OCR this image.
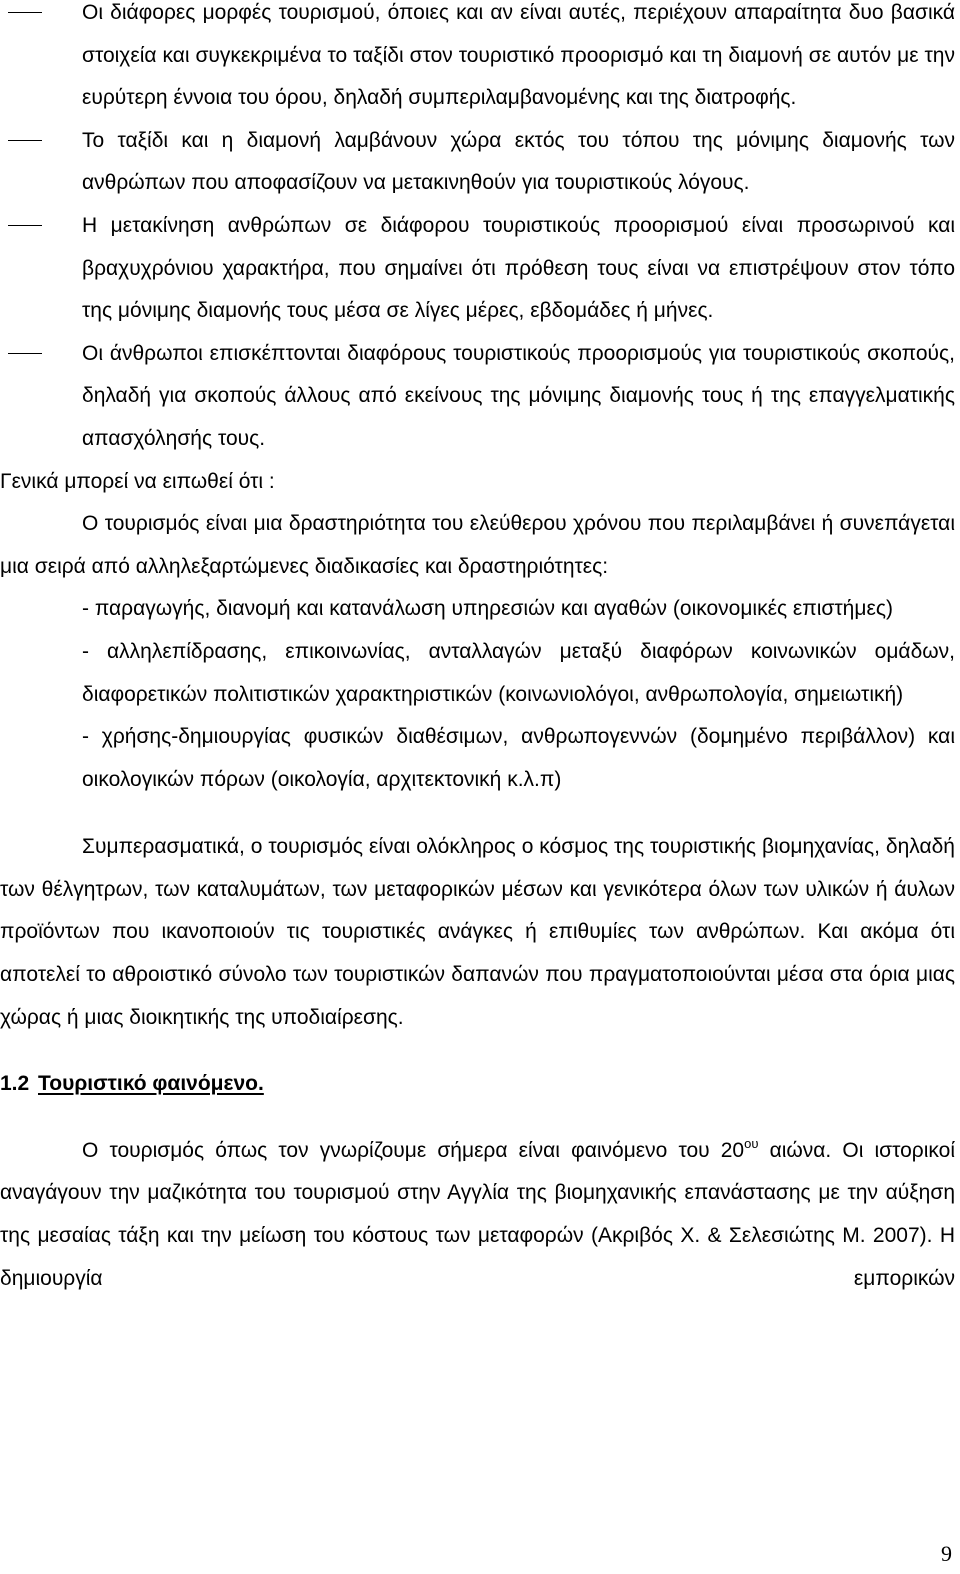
Οι διάφορες μορφές τουρισμού, όποιες και αν είναι αυτές, περιέχουν απαραίτητα δυο βασικά στοιχεία και συγκεκριμένα το ταξίδι στον τουριστικό προορισμό και τη διαμονή σε αυτόν με την ευρύτερη έννοια του όρου, δηλαδή συμπεριλαμβανομένης και της διατροφής.
Το ταξίδι και η διαμονή λαμβάνουν χώρα εκτός του τόπου της μόνιμης διαμονής των ανθρώπων που αποφασίζουν να μετακινηθούν για τουριστικούς λόγους.
Η μετακίνηση ανθρώπων σε διάφορου τουριστικούς προορισμού είναι προσωρινού και βραχυχρόνιου χαρακτήρα, που σημαίνει ότι πρόθεση τους είναι να επιστρέψουν στον τόπο της μόνιμης διαμονής τους μέσα σε λίγες μέρες, εβδομάδες ή μήνες.
Οι άνθρωποι επισκέπτονται διαφόρους τουριστικούς προορισμούς για τουριστικούς σκοπούς, δηλαδή για σκοπούς άλλους από εκείνους της μόνιμης διαμονής τους ή της επαγγελματικής απασχόλησής τους.
Γενικά μπορεί να ειπωθεί ότι :
Ο τουρισμός είναι μια δραστηριότητα του ελεύθερου χρόνου που περιλαμβάνει ή συνεπάγεται μια σειρά από αλληλεξαρτώμενες διαδικασίες και δραστηριότητες:
- παραγωγής, διανομή και κατανάλωση υπηρεσιών και αγαθών (οικονομικές επιστήμες)
- αλληλεπίδρασης, επικοινωνίας, ανταλλαγών μεταξύ διαφόρων κοινωνικών ομάδων, διαφορετικών πολιτιστικών χαρακτηριστικών (κοινωνιολόγοι, ανθρωπολογία, σημειωτική)
- χρήσης-δημιουργίας φυσικών διαθέσιμων, ανθρωπογεννών (δομημένο περιβάλλον) και οικολογικών πόρων (οικολογία, αρχιτεκτονική κ.λ.π)
Συμπερασματικά, ο τουρισμός είναι ολόκληρος ο κόσμος της τουριστικής βιομηχανίας, δηλαδή των θέλγητρων, των καταλυμάτων, των μεταφορικών μέσων και γενικότερα όλων των υλικών ή άυλων προϊόντων που ικανοποιούν τις τουριστικές ανάγκες ή επιθυμίες των ανθρώπων. Και ακόμα ότι αποτελεί το αθροιστικό σύνολο των τουριστικών δαπανών που πραγματοποιούνται μέσα στα όρια μιας χώρας ή μιας διοικητικής της υποδιαίρεσης.
1.2 Τουριστικό φαινόμενο.
Ο τουρισμός όπως τον γνωρίζουμε σήμερα είναι φαινόμενο του $20^{o\upsilon}$ αιώνα. Οι ιστορικοί αναγάγουν την μαζικότητα του τουρισμού στην Αγγλία της βιομηχανικής επανάστασης με την αύξηση της μεσαίας τάξη και την μείωση του κόστους των μεταφορών (Ακριβός Χ. & Σελεσιώτης Μ. 2007). Η δημιουργία εμπορικών
9
